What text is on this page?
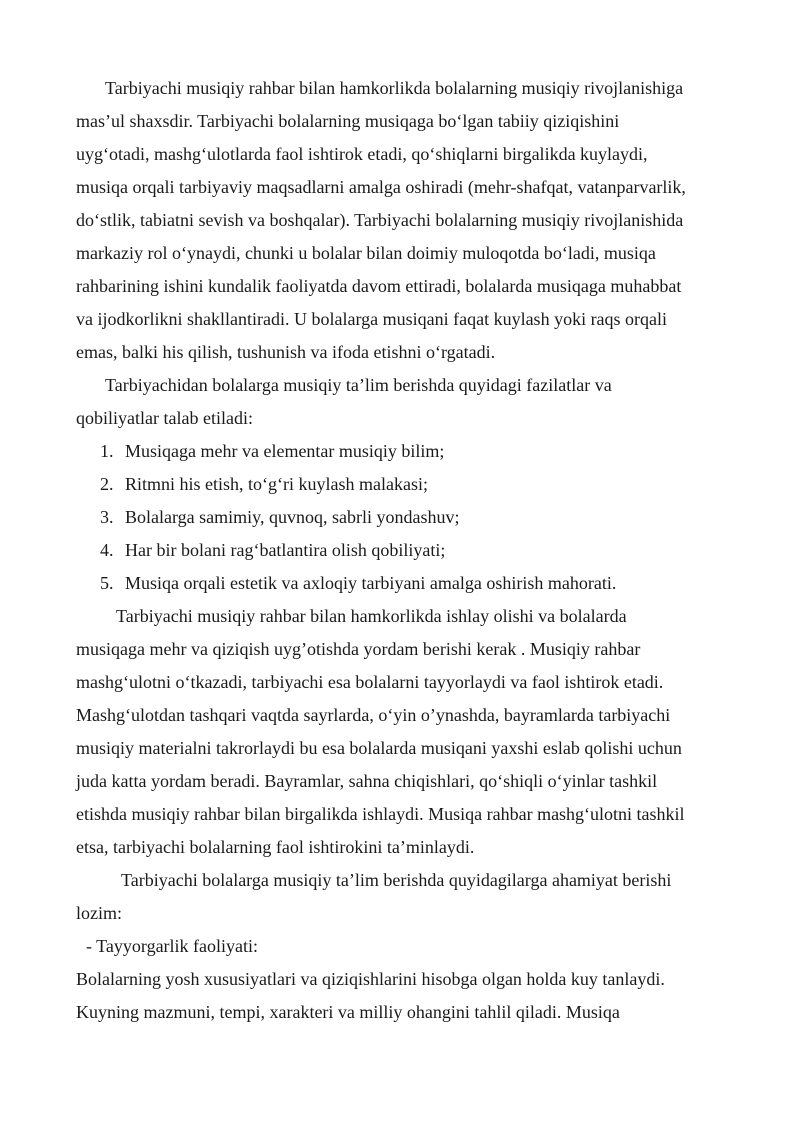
Tarbiyachi musiqiy rahbar bilan hamkorlikda bolalarning musiqiy rivojlanishiga
mas’ul shaxsdir. Tarbiyachi bolalarning musiqaga bo‘lgan tabiiy qiziqishini
uyg‘otadi, mashg‘ulotlarda faol ishtirok etadi, qo‘shiqlarni birgalikda kuylaydi,
musiqa orqali tarbiyaviy maqsadlarni amalga oshiradi (mehr-shafqat, vatanparvarlik,
do‘stlik, tabiatni sevish va boshqalar). Tarbiyachi bolalarning musiqiy rivojlanishida
markaziy rol o‘ynaydi, chunki u bolalar bilan doimiy muloqotda bo‘ladi, musiqa
rahbarining ishini kundalik faoliyatda davom ettiradi, bolalarda musiqaga muhabbat
va ijodkorlikni shakllantiradi. U bolalarga musiqani faqat kuylash yoki raqs orqali
emas, balki his qilish, tushunish va ifoda etishni o‘rgatadi.
Tarbiyachidan bolalarga musiqiy ta’lim berishda quyidagi fazilatlar va
qobiliyatlar talab etiladi:
1. Musiqaga mehr va elementar musiqiy bilim;
2. Ritmni his etish, to‘g‘ri kuylash malakasi;
3. Bolalarga samimiy, quvnoq, sabrli yondashuv;
4. Har bir bolani rag‘batlantira olish qobiliyati;
5. Musiqa orqali estetik va axloqiy tarbiyani amalga oshirish mahorati.
Tarbiyachi musiqiy rahbar bilan hamkorlikda ishlay olishi va bolalarda
musiqaga mehr va qiziqish uyg’otishda yordam berishi kerak . Musiqiy rahbar
mashg‘ulotni o‘tkazadi, tarbiyachi esa bolalarni tayyorlaydi va faol ishtirok etadi.
Mashg‘ulotdan tashqari vaqtda sayrlarda, o‘yin o’ynashda, bayramlarda tarbiyachi
musiqiy materialni takrorlaydi bu esa bolalarda musiqani yaxshi eslab qolishi uchun
juda katta yordam beradi. Bayramlar, sahna chiqishlari, qo‘shiqli o‘yinlar tashkil
etishda musiqiy rahbar bilan birgalikda ishlaydi. Musiqa rahbar mashg‘ulotni tashkil
etsa, tarbiyachi bolalarning faol ishtirokini ta’minlaydi.
Tarbiyachi bolalarga musiqiy ta’lim berishda quyidagilarga ahamiyat berishi
lozim:
- Tayyorgarlik faoliyati:
Bolalarning yosh xususiyatlari va qiziqishlarini hisobga olgan holda kuy tanlaydi.
Kuyning mazmuni, tempi, xarakteri va milliy ohangini tahlil qiladi. Musiqa
